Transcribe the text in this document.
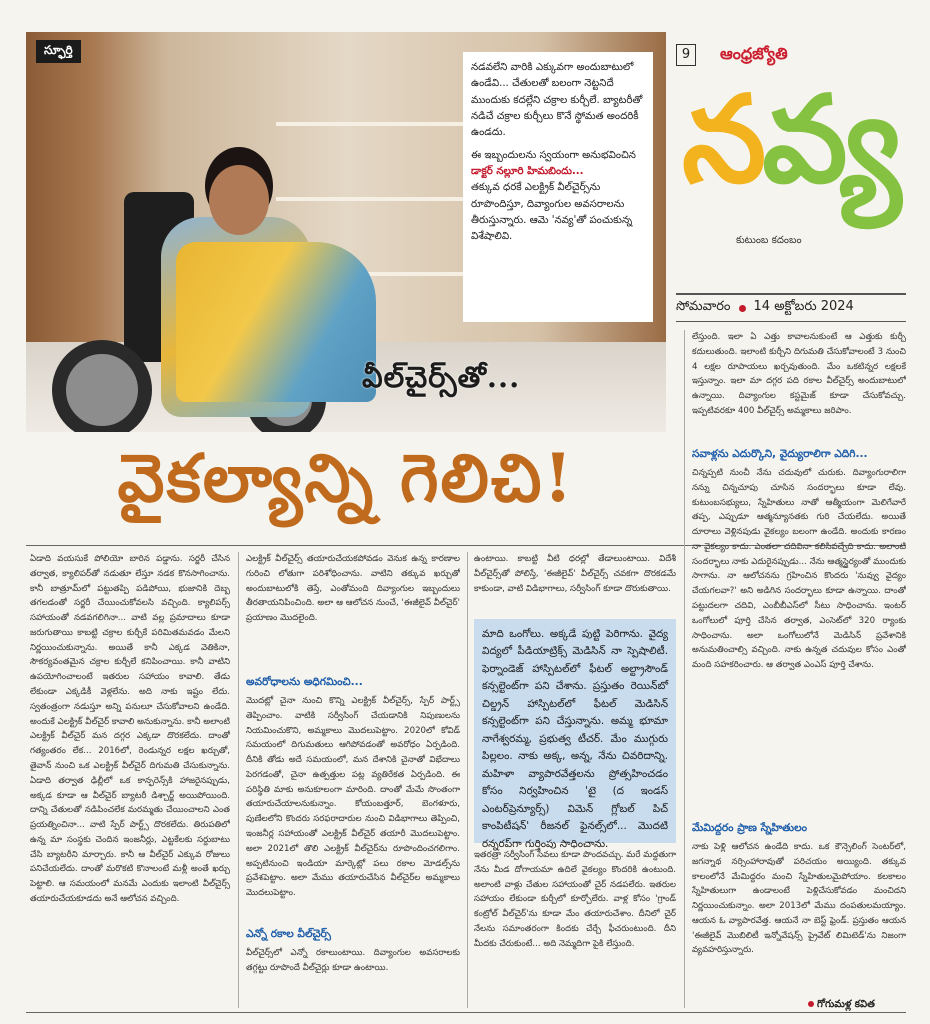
స్ఫూర్తి

నడవలేని వారికి ఎక్కువగా అందుబాటులో ఉండేవి... చేతులతో బలంగా నెట్టనిదే ముందుకు కదల్లేని చక్రాల కుర్చీలే. బ్యాటరీతో నడిచే చక్రాల కుర్చీలు కొనే స్థోమత అందరికీ ఉండదు.

ఈ ఇబ్బందులను స్వయంగా అనుభవించిన

డాక్టర్ నల్లూరి హిమబిందు...

తక్కువ ధరకే ఎలక్ట్రిక్ వీల్‌చైర్స్‌ను రూపొందిస్తూ, దివ్యాంగుల అవసరాలను తీరుస్తున్నారు. ఆమె 'నవ్య'తో పంచుకున్న విశేషాలివి.

వీల్‌చైర్స్‌తో...
9	ఆంధ్రజ్యోతి
నవ్య
కుటుంబ కదంబం
సోమవారం 14 అక్టోబరు 2024
వైకల్యాన్ని గెలిచి!

ఏడాది వయసుకే పోలియో బారిన పడ్డాను. సర్జరీ చేసిన తర్వాత, క్యాలిపర్‌తో నడుతూ లేస్తూ నడక కొనసాగించాను. కానీ బాత్రూమ్‌లో పట్టుతప్పి పడిపోయి, భుజానికి దెబ్బ తగలడంతో సర్జరీ చేయించుకోవలసి వచ్చింది. క్యాలిపర్స్ సహాయంతో నడవగలిగినా... వాటి వల్ల ప్రమాదాలు కూడా జరుగుతాయి కాబట్టి చక్రాల కుర్చీకే పరిమితమవడం మేలని నిర్ణయించుకున్నాను. అయితే కానీ ఎక్కడ వెతికినా, సౌకర్యవంతమైన చక్రాల కుర్చీలే కనిపించాయి. కానీ వాటిని ఉపయోగించాలంటే ఇతరుల సహాయం కావాలి. తేడు లేకుండా ఎక్కడికీ వెళ్లలేను. అది నాకు ఇష్టం లేదు. స్వతంత్రంగా నడుస్తూ అన్ని పనులూ చేసుకోవాలని ఉండేది. అందుకే ఎలక్ట్రిక్ వీల్‌చైర్ కావాలి అనుకున్నాను. కానీ అలాంటి ఎలక్ట్రిక్ వీల్‌చైర్ మన దగ్గర ఎక్కడా దొరకలేదు. దాంతో గత్యంతరం లేక... 2016లో, రెండున్నర లక్షల ఖర్చుతో, తైవాన్ నుంచి ఒక ఎలక్ట్రిక్ వీల్‌చైర్ దిగుమతి చేసుకున్నాను. ఏడాది తర్వాత ఢిల్లీలో ఒక కాన్ఫరెన్స్‌కి హాజరైనప్పుడు, అక్కడ కూడా ఆ వీల్‌చైర్ బ్యాటరీ డిశ్చార్జ్ అయిపోయింది. దాన్ని చేతులతో నడిపించలేక మరమ్మతు చేయించాలని ఎంత ప్రయత్నించినా... వాటి స్పేర్ పార్ట్స్ దొరకలేదు. తిరుపతిలో ఉన్న మా సంస్థకు చెందిన ఇంజనీర్లు, ఎట్టకేలకు సర్దుబాటు చేసి బ్యాటరీని మార్చారు. కానీ ఆ వీల్‌చైర్ ఎక్కువ రోజులు పనిచేయలేదు. దాంతో మరొకటి కొనాలంటే మళ్లీ అంతే ఖర్చు పెట్టాలి. ఆ సమయంలో మనమే ఎందుకు ఇలాంటి వీల్‌చైర్స్ తయారుచేయకూడదు అనే ఆలోచన వచ్చింది.

ఎలక్ట్రిక్ వీల్‌చైర్స్ తయారుచేయకపోవడం వెనుక ఉన్న కారణాల గురించి లోతుగా పరిశోధించాను. వాటిని తక్కువ ఖర్చుతో అందుబాటులోకి తెస్తే, ఎంతోమంది దివ్యాంగుల ఇబ్బందులు తీరతాయనిపించింది. అలా ఆ ఆలోచన నుంచే, 'ఈజీలైవ్ వీల్‌చైర్' ప్రయాణం మొదలైంది.

అవరోధాలను అధిగమించి...

మొదట్లో చైనా నుంచి కొన్ని ఎలక్ట్రిక్ వీల్‌చైర్స్, స్పేర్ పార్ట్స్ తెప్పించాం. వాటికి సర్వీసింగ్ చేయడానికి నిపుణులను నియమించుకొని, అమ్మకాలు మొదలుపెట్టాం. 2020లో కోవిడ్ సమయంలో దిగుమతులు ఆగిపోవడంతో అవరోధం ఏర్పడింది. దీనికి తోడు అదే సమయంలో, మన దేశానికి చైనాతో విభేదాలు పెరగడంతో, చైనా ఉత్పత్తుల పట్ల వ్యతిరేకత ఏర్పడింది. ఈ పరిస్థితి మాకు అనుకూలంగా మారింది. దాంతో మేమే సొంతంగా తయారుచేయాలనుకున్నాం. కోయంబత్తూర్, బెంగళూరు, పుణేలలోని కొందరు సరఫరాదారుల నుంచి విడిభాగాలు తెప్పించి, ఇంజనీర్ల సహాయంతో ఎలక్ట్రిక్ వీల్‌చైర్ తయారీ మొదలుపెట్టాం. అలా 2021లో తొలి ఎలక్ట్రిక్ వీల్‌చైర్‌ను రూపొందించగలిగాం. అప్పటినుంచి ఇండియా మార్కెట్లో పలు రకాల మోడల్స్‌ను ప్రవేశపెట్టాం. అలా మేము తయారుచేసిన వీల్‌చైర్‌ల అమ్మకాలు మొదలుపెట్టాం.

ఎన్నో రకాల వీల్‌చైర్స్

వీల్‌చైర్స్‌లో ఎన్నో రకాలుంటాయి. దివ్యాంగుల అవసరాలకు తగ్గట్టు రూపొందే వీల్‌చైర్లు కూడా ఉంటాయి.

ఉంటాయి. కాబట్టి వీటి ధరల్లో తేడాలుంటాయి. విదేశీ వీల్‌చైర్స్‌తో పోలిస్తే, 'ఈజీలైవ్' వీల్‌చైర్స్ చవకగా దొరకడమే కాకుండా, వాటి విడిభాగాలు, సర్వీసింగ్ కూడా దొరుకుతాయి.

మాది ఒంగోలు. అక్కడే పుట్టి పెరిగాను. వైద్య విద్యలో పీడియాట్రిక్స్ మెడిసిన్ నా స్పెషాలిటీ. ఫెర్నాండెజ్ హాస్పిటల్‌లో ఫీటల్ అల్ట్రాసౌండ్ కన్సల్టెంట్‌గా పని చేశాను. ప్రస్తుతం రెయిన్‌బో చిల్డ్రన్ హాస్పిటల్‌లో ఫీటల్ మెడిసిన్ కన్సల్టెంట్‌గా పని చేస్తున్నాను. అమ్మ భూమా నాగేశ్వరమ్మ, ప్రభుత్వ టీచర్. మేం ముగ్గురు పిల్లలం. నాకు అక్క, అన్న, నేను చివరిదాన్ని. మహిళా వ్యాపారవేత్తలను ప్రోత్సహించడం కోసం నిర్వహించిన 'టై (ద ఇండస్ ఎంటర్‌ప్రెన్యూర్స్) విమెన్ గ్లోబల్ పిచ్ కాంపిటీషన్' రీజనల్ ఫైనల్స్‌లో... మొదటి రన్నరప్‌గా గుర్తింపు సాధించాను.

ఇతరత్రా సర్వీసింగ్ సేవలు కూడా పొందవచ్చు. మరే మద్దతుగా నేను మీడ దోగాయమా ఉదిలే వైకల్యం కొందరికి ఉంటుంది. అలాంటి వాళ్లు చేతుల సహాయంతో చైర్ నడపలేరు. ఇతరుల సహాయం లేకుండా కుర్చీలో కూర్చోలేరు. వాళ్ల కోసం 'గ్రాండ్ కంట్రోల్ వీల్‌చైర్'ను కూడా మేం తయారుచేశాం. దీనిలో చైర్ నేలను సమాంతరంగా కిందకు చేర్చే ఫీచరుంటుంది. దీని మీదకు చేరుకుంటే... అది నెమ్మదిగా పైకి లేస్తుంది.

లేస్తుంది. ఇలా ఏ ఎత్తు కావాలనుకుంటే ఆ ఎత్తుకు కుర్చీ కదులుతుంది. ఇలాంటి కుర్చీని దిగుమతి చేసుకోవాలంటే 3 నుంచి 4 లక్షల రూపాయలు ఖర్చవుతుంది. మేం ఒకటిన్నర లక్షలకే ఇస్తున్నాం. ఇలా మా దగ్గర పది రకాల వీల్‌చైర్స్ అందుబాటులో ఉన్నాయి. దివ్యాంగుల కస్టమైజ్ కూడా చేసుకోవచ్చు. ఇప్పటివరకూ 400 వీల్‌చైర్స్ అమ్మకాలు జరిపాం.

సవాళ్లను ఎదుర్కొని, వైద్యురాలిగా ఎదిగి...

చిన్నప్పటి నుంచీ నేను చదువులో చురుకు. దివ్యాంగురాలిగా నన్ను చిన్నచూపు చూసిన సందర్భాలు కూడా లేవు. కుటుంబసభ్యులు, స్నేహితులు నాతో ఆత్మీయంగా మెలిగేవారే తప్ప, ఎప్పుడూ ఆత్మన్యూనతకు గురి చేయలేదు. అయితే దూరాలు వెళ్లినపుడు వైకల్యం బలంగా ఉండేది. అందుకు కారణం నా వైకల్యం కాదు. ఎంతలా చదివినా కలిసివచ్చేది కాదు. అలాంటి సందర్భాలు నాకు ఎదురైనప్పుడు... నేను ఆత్మస్థైర్యంతో ముందుకు సాగాను. నా ఆలోచనను గ్రహించిన కొందరు 'నువ్వు వైద్యం చేయగలవా?' అని అడిగిన సందర్భాలు కూడా ఉన్నాయి. దాంతో పట్టుదలగా చదివి, ఎంబీబీఎస్‌లో సీటు సాధించాను. ఇంటర్ ఒంగోలులో పూర్తి చేసిన తర్వాత, ఎంసెట్‌లో 320 ర్యాంకు సాధించాను. అలా ఒంగోలులోనే మెడిసిన్ ప్రవేశానికి అనుమతించాల్సి వచ్చింది. నాకు ఉన్నత చదువుల కోసం ఎంతో మంది సహకరించారు. ఆ తర్వాత ఎంఎస్ పూర్తి చేశాను.

మేమిద్దరం ప్రాణ స్నేహితులం

నాకు పెళ్లి ఆలోచన ఉండేది కాదు. ఒక కౌన్సెలింగ్ సెంటర్‌లో, జగన్నాథ నర్సింహారావుతో పరిచయం అయ్యింది. తక్కువ కాలంలోనే మేమిద్దరం మంచి స్నేహితులమైపోయాం. కలకాలం స్నేహితులుగా ఉండాలంటే పెళ్లిచేసుకోవడం మంచిదని నిర్ణయించుకున్నాం. అలా 2013లో మేము దంపతులమయ్యాం. ఆయన ఓ వ్యాపారవేత్త. ఆయనే నా బెస్ట్ ఫ్రెండ్. ప్రస్తుతం ఆయన 'ఈజీలైవ్ మొబిలిటీ ఇన్నోవేషన్స్ ప్రైవేట్ లిమిటెడ్'ను నిజంగా వ్యవహరిస్తున్నారు.

గోగుమళ్ల కవిత
